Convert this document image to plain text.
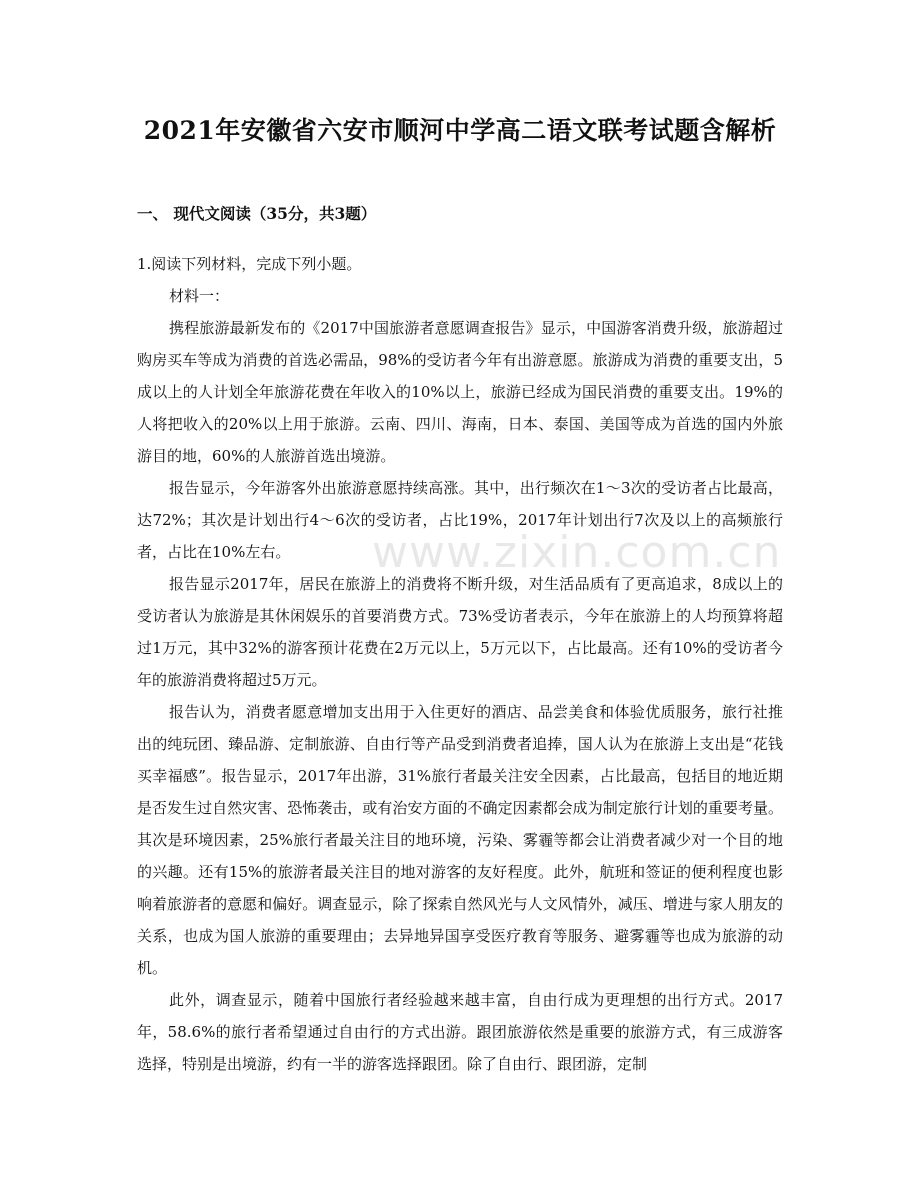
www.zixin.com.cn
2021年安徽省六安市顺河中学高二语文联考试题含解析
一、 现代文阅读（35分，共3题）

1.阅读下列材料，完成下列小题。

材料一：

携程旅游最新发布的《2017中国旅游者意愿调查报告》显示，中国游客消费升级，旅游超过购房买车等成为消费的首选必需品，98%的受访者今年有出游意愿。旅游成为消费的重要支出，5成以上的人计划全年旅游花费在年收入的10%以上，旅游已经成为国民消费的重要支出。19%的人将把收入的20%以上用于旅游。云南、四川、海南，日本、泰国、美国等成为首选的国内外旅游目的地，60%的人旅游首选出境游。

报告显示，今年游客外出旅游意愿持续高涨。其中，出行频次在1～3次的受访者占比最高，达72%；其次是计划出行4～6次的受访者，占比19%，2017年计划出行7次及以上的高频旅行者，占比在10%左右。

报告显示2017年，居民在旅游上的消费将不断升级，对生活品质有了更高追求，8成以上的受访者认为旅游是其休闲娱乐的首要消费方式。73%受访者表示，今年在旅游上的人均预算将超过1万元，其中32%的游客预计花费在2万元以上，5万元以下，占比最高。还有10%的受访者今年的旅游消费将超过5万元。

报告认为，消费者愿意增加支出用于入住更好的酒店、品尝美食和体验优质服务，旅行社推出的纯玩团、臻品游、定制旅游、自由行等产品受到消费者追捧，国人认为在旅游上支出是“花钱买幸福感”。报告显示，2017年出游，31%旅行者最关注安全因素，占比最高，包括目的地近期是否发生过自然灾害、恐怖袭击，或有治安方面的不确定因素都会成为制定旅行计划的重要考量。其次是环境因素，25%旅行者最关注目的地环境，污染、雾霾等都会让消费者减少对一个目的地的兴趣。还有15%的旅游者最关注目的地对游客的友好程度。此外，航班和签证的便利程度也影响着旅游者的意愿和偏好。调查显示，除了探索自然风光与人文风情外，减压、增进与家人朋友的关系，也成为国人旅游的重要理由；去异地异国享受医疗教育等服务、避雾霾等也成为旅游的动机。

此外，调查显示，随着中国旅行者经验越来越丰富，自由行成为更理想的出行方式。2017年，58.6%的旅行者希望通过自由行的方式出游。跟团旅游依然是重要的旅游方式，有三成游客选择，特别是出境游，约有一半的游客选择跟团。除了自由行、跟团游，定制
